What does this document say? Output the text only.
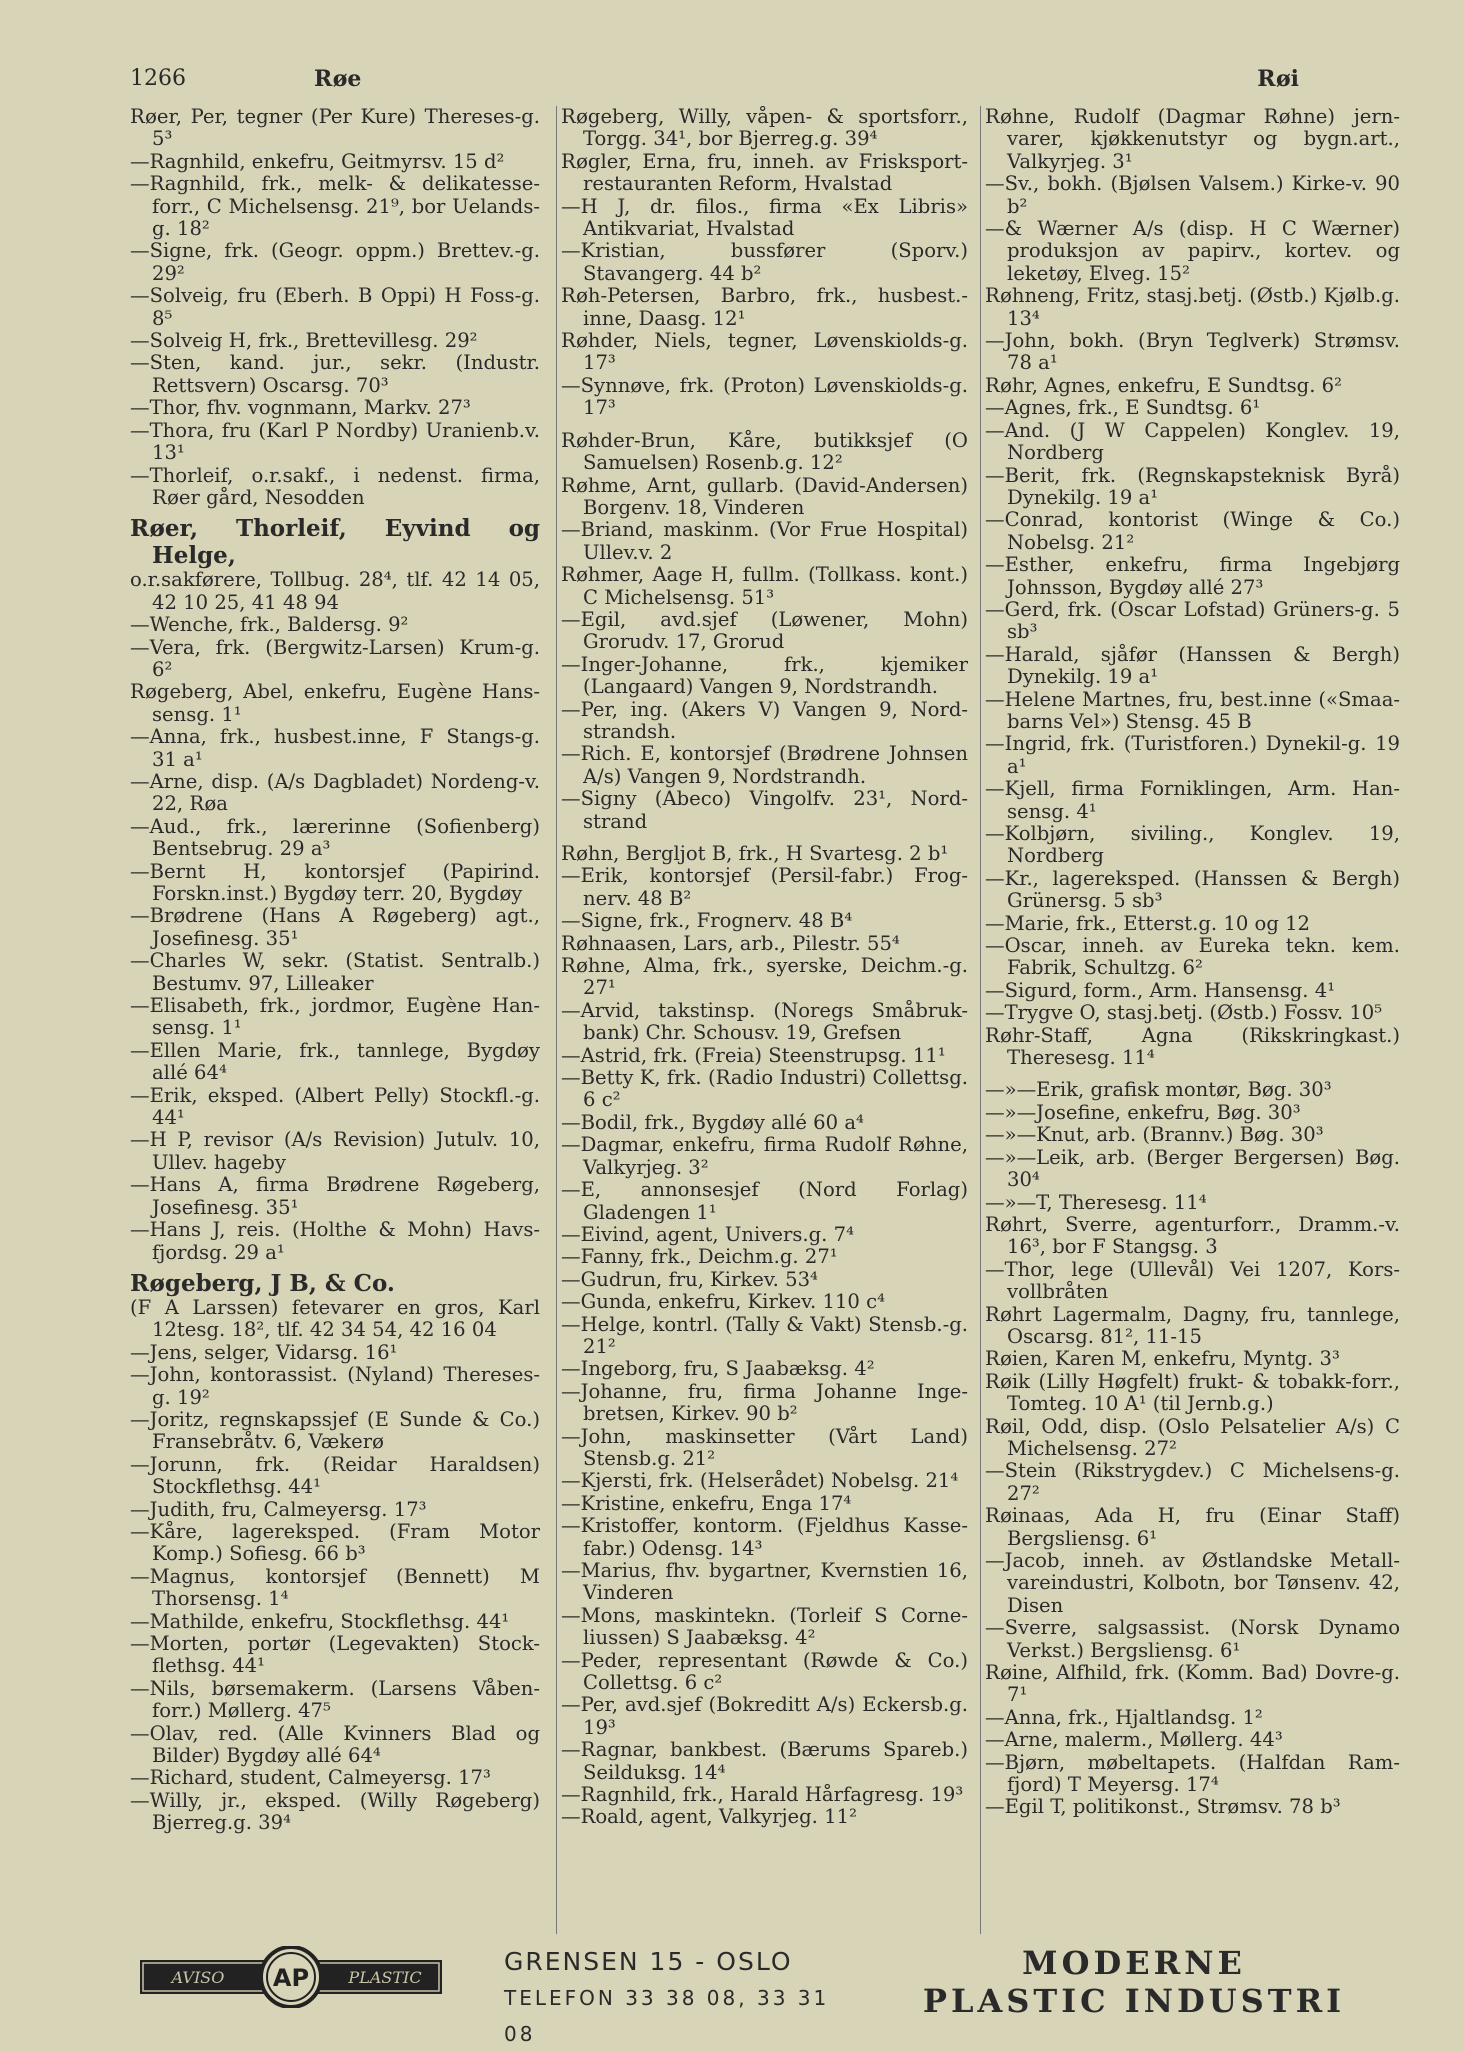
1266	Røe	Røi
Røer, Per, tegner (Per Kure) Thereses-g. 5³
—Ragnhild, enkefru, Geitmyrsv. 15 d²
—Ragnhild, frk., melk- & delikatesse-forr., C Michelsensg. 21⁹, bor Uelands-g. 18²
—Signe, frk. (Geogr. oppm.) Brettev.-g. 29²
—Solveig, fru (Eberh. B Oppi) H Foss-g. 8⁵
—Solveig H, frk., Brettevillesg. 29²
—Sten, kand. jur., sekr. (Industr. Rettsvern) Oscarsg. 70³
—Thor, fhv. vognmann, Markv. 27³
—Thora, fru (Karl P Nordby) Uranienb.v. 13¹
—Thorleif, o.r.sakf., i nedenst. firma, Røer gård, Nesodden
Røer, Thorleif, Eyvind og Helge,
o.r.sakførere, Tollbug. 28⁴, tlf. 42 14 05, 42 10 25, 41 48 94
—Wenche, frk., Baldersg. 9²
—Vera, frk. (Bergwitz-Larsen) Krum-g. 6²
Røgeberg, Abel, enkefru, Eugène Hans-sensg. 1¹
—Anna, frk., husbest.inne, F Stangs-g. 31 a¹
—Arne, disp. (A/s Dagbladet) Nordeng-v. 22, Røa
—Aud., frk., lærerinne (Sofienberg) Bentsebrug. 29 a³
—Bernt H, kontorsjef (Papirind. Forskn.inst.) Bygdøy terr. 20, Bygdøy
—Brødrene (Hans A Røgeberg) agt., Josefinesg. 35¹
—Charles W, sekr. (Statist. Sentralb.) Bestumv. 97, Lilleaker
—Elisabeth, frk., jordmor, Eugène Han-sensg. 1¹
—Ellen Marie, frk., tannlege, Bygdøy allé 64⁴
—Erik, eksped. (Albert Pelly) Stockfl.-g. 44¹
—H P, revisor (A/s Revision) Jutulv. 10, Ullev. hageby
—Hans A, firma Brødrene Røgeberg, Josefinesg. 35¹
—Hans J, reis. (Holthe & Mohn) Havs-fjordsg. 29 a¹
Røgeberg, J B, & Co.
(F A Larssen) fetevarer en gros, Karl 12tesg. 18², tlf. 42 34 54, 42 16 04
—Jens, selger, Vidarsg. 16¹
—John, kontorassist. (Nyland) Thereses-g. 19²
—Joritz, regnskapssjef (E Sunde & Co.) Fransebråtv. 6, Vækerø
—Jorunn, frk. (Reidar Haraldsen) Stockflethsg. 44¹
—Judith, fru, Calmeyersg. 17³
—Kåre, lagereksped. (Fram Motor Komp.) Sofiesg. 66 b³
—Magnus, kontorsjef (Bennett) M Thorsensg. 1⁴
—Mathilde, enkefru, Stockflethsg. 44¹
—Morten, portør (Legevakten) Stock-flethsg. 44¹
—Nils, børsemakerm. (Larsens Våben-forr.) Møllerg. 47⁵
—Olav, red. (Alle Kvinners Blad og Bilder) Bygdøy allé 64⁴
—Richard, student, Calmeyersg. 17³
—Willy, jr., eksped. (Willy Røgeberg) Bjerreg.g. 39⁴
Røgeberg, Willy, våpen- & sportsforr., Torgg. 34¹, bor Bjerreg.g. 39⁴
Røgler, Erna, fru, inneh. av Frisksport-restauranten Reform, Hvalstad
—H J, dr. filos., firma «Ex Libris» Antikvariat, Hvalstad
—Kristian, bussfører (Sporv.) Stavangerg. 44 b²
Røh-Petersen, Barbro, frk., husbest.-inne, Daasg. 12¹
Røhder, Niels, tegner, Løvenskiolds-g. 17³
—Synnøve, frk. (Proton) Løvenskiolds-g. 17³
Røhder-Brun, Kåre, butikksjef (O Samuelsen) Rosenb.g. 12²
Røhme, Arnt, gullarb. (David-Andersen) Borgenv. 18, Vinderen
—Briand, maskinm. (Vor Frue Hospital) Ullev.v. 2
Røhmer, Aage H, fullm. (Tollkass. kont.) C Michelsensg. 51³
—Egil, avd.sjef (Løwener, Mohn) Grorudv. 17, Grorud
—Inger-Johanne, frk., kjemiker (Langaard) Vangen 9, Nordstrandh.
—Per, ing. (Akers V) Vangen 9, Nord-strandsh.
—Rich. E, kontorsjef (Brødrene Johnsen A/s) Vangen 9, Nordstrandh.
—Signy (Abeco) Vingolfv. 23¹, Nord-strand
Røhn, Bergljot B, frk., H Svartesg. 2 b¹
—Erik, kontorsjef (Persil-fabr.) Frog-nerv. 48 B²
—Signe, frk., Frognerv. 48 B⁴
Røhnaasen, Lars, arb., Pilestr. 55⁴
Røhne, Alma, frk., syerske, Deichm.-g. 27¹
—Arvid, takstinsp. (Noregs Småbruk-bank) Chr. Schousv. 19, Grefsen
—Astrid, frk. (Freia) Steenstrupsg. 11¹
—Betty K, frk. (Radio Industri) Collettsg. 6 c²
—Bodil, frk., Bygdøy allé 60 a⁴
—Dagmar, enkefru, firma Rudolf Røhne, Valkyrjeg. 3²
—E, annonsesjef (Nord Forlag) Gladengen 1¹
—Eivind, agent, Univers.g. 7⁴
—Fanny, frk., Deichm.g. 27¹
—Gudrun, fru, Kirkev. 53⁴
—Gunda, enkefru, Kirkev. 110 c⁴
—Helge, kontrl. (Tally & Vakt) Stensb.-g. 21²
—Ingeborg, fru, S Jaabæksg. 4²
—Johanne, fru, firma Johanne Inge-bretsen, Kirkev. 90 b²
—John, maskinsetter (Vårt Land) Stensb.g. 21²
—Kjersti, frk. (Helserådet) Nobelsg. 21⁴
—Kristine, enkefru, Enga 17⁴
—Kristoffer, kontorm. (Fjeldhus Kasse-fabr.) Odensg. 14³
—Marius, fhv. bygartner, Kvernstien 16, Vinderen
—Mons, maskintekn. (Torleif S Corne-liussen) S Jaabæksg. 4²
—Peder, representant (Røwde & Co.) Collettsg. 6 c²
—Per, avd.sjef (Bokreditt A/s) Eckersb.g. 19³
—Ragnar, bankbest. (Bærums Spareb.) Seilduksg. 14⁴
—Ragnhild, frk., Harald Hårfagresg. 19³
—Roald, agent, Valkyrjeg. 11²
Røhne, Rudolf (Dagmar Røhne) jern-varer, kjøkkenutstyr og bygn.art., Valkyrjeg. 3¹
—Sv., bokh. (Bjølsen Valsem.) Kirke-v. 90 b²
—& Wærner A/s (disp. H C Wærner) produksjon av papirv., kortev. og leketøy, Elveg. 15²
Røhneng, Fritz, stasj.betj. (Østb.) Kjølb.g. 13⁴
—John, bokh. (Bryn Teglverk) Strømsv. 78 a¹
Røhr, Agnes, enkefru, E Sundtsg. 6²
—Agnes, frk., E Sundtsg. 6¹
—And. (J W Cappelen) Konglev. 19, Nordberg
—Berit, frk. (Regnskapsteknisk Byrå) Dynekilg. 19 a¹
—Conrad, kontorist (Winge & Co.) Nobelsg. 21²
—Esther, enkefru, firma Ingebjørg Johnsson, Bygdøy allé 27³
—Gerd, frk. (Oscar Lofstad) Grüners-g. 5 sb³
—Harald, sjåfør (Hanssen & Bergh) Dynekilg. 19 a¹
—Helene Martnes, fru, best.inne («Smaa-barns Vel») Stensg. 45 B
—Ingrid, frk. (Turistforen.) Dynekil-g. 19 a¹
—Kjell, firma Forniklingen, Arm. Han-sensg. 4¹
—Kolbjørn, siviling., Konglev. 19, Nordberg
—Kr., lagereksped. (Hanssen & Bergh) Grünersg. 5 sb³
—Marie, frk., Etterst.g. 10 og 12
—Oscar, inneh. av Eureka tekn. kem. Fabrik, Schultzg. 6²
—Sigurd, form., Arm. Hansensg. 4¹
—Trygve O, stasj.betj. (Østb.) Fossv. 10⁵
Røhr-Staff, Agna (Rikskringkast.) Theresesg. 11⁴
—»—Erik, grafisk montør, Bøg. 30³
—»—Josefine, enkefru, Bøg. 30³
—»—Knut, arb. (Brannv.) Bøg. 30³
—»—Leik, arb. (Berger Bergersen) Bøg. 30⁴
—»—T, Theresesg. 11⁴
Røhrt, Sverre, agenturforr., Dramm.-v. 16³, bor F Stangsg. 3
—Thor, lege (Ullevål) Vei 1207, Kors-vollbråten
Røhrt Lagermalm, Dagny, fru, tannlege, Oscarsg. 81², 11-15
Røien, Karen M, enkefru, Myntg. 3³
Røik (Lilly Høgfelt) frukt- & tobakk-forr., Tomteg. 10 A¹ (til Jernb.g.)
Røil, Odd, disp. (Oslo Pelsatelier A/s) C Michelsensg. 27²
—Stein (Rikstrygdev.) C Michelsens-g. 27²
Røinaas, Ada H, fru (Einar Staff) Bergsliensg. 6¹
—Jacob, inneh. av Østlandske Metall-vareindustri, Kolbotn, bor Tønsenv. 42, Disen
—Sverre, salgsassist. (Norsk Dynamo Verkst.) Bergsliensg. 6¹
Røine, Alfhild, frk. (Komm. Bad) Dovre-g. 7¹
—Anna, frk., Hjaltlandsg. 1²
—Arne, malerm., Møllerg. 44³
—Bjørn, møbeltapets. (Halfdan Ram-fjord) T Meyersg. 17⁴
—Egil T, politikonst., Strømsv. 78 b³
AVISO AP PLASTIC
GRENSEN 15 - OSLO
TELEFON 33 38 08, 33 31 08
MODERNE
PLASTIC INDUSTRI
